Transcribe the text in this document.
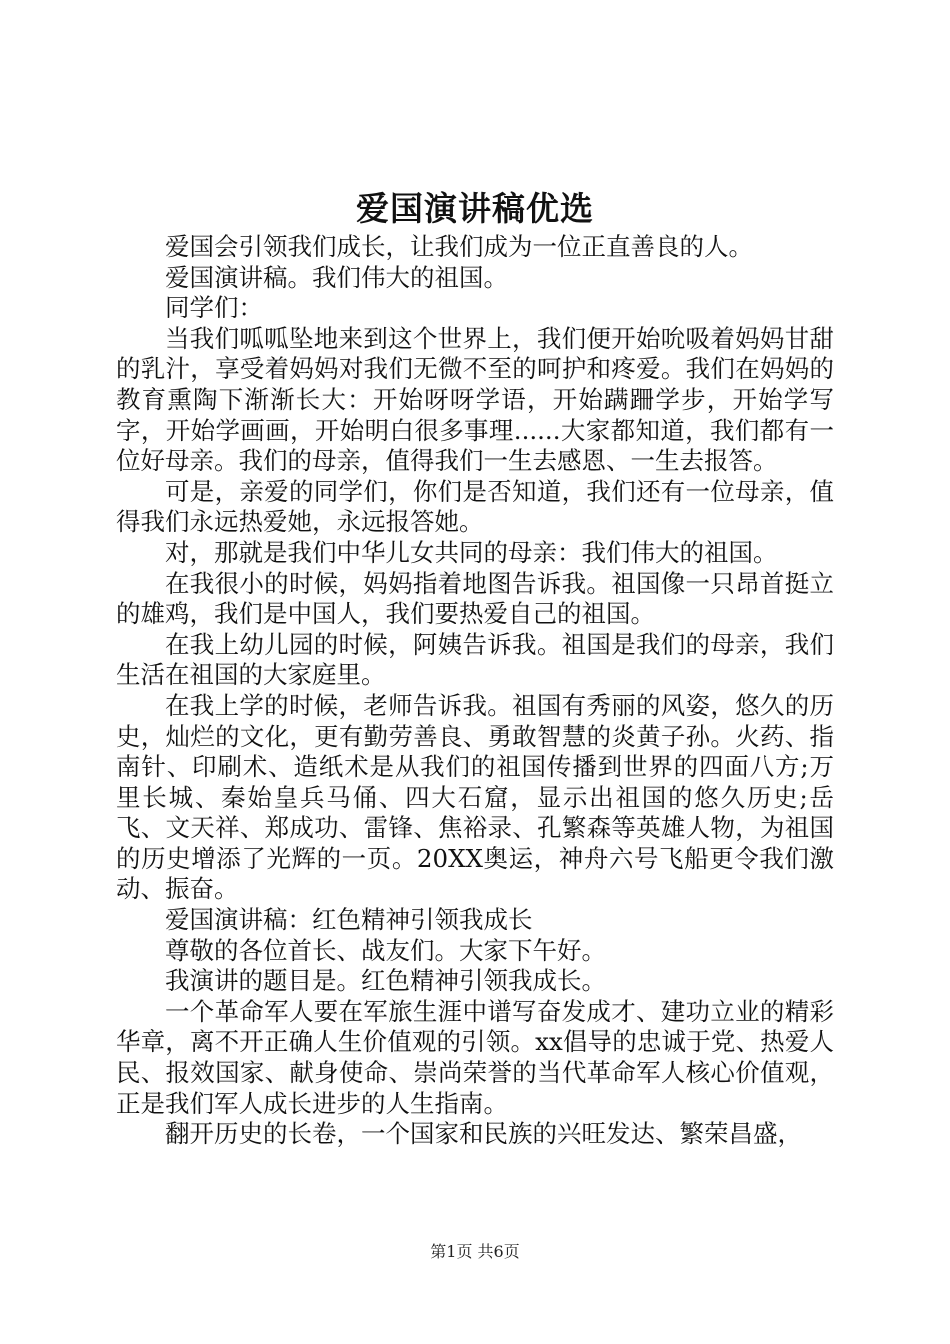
爱国演讲稿优选

爱国会引领我们成长，让我们成为一位正直善良的人。

爱国演讲稿。我们伟大的祖国。

同学们：

当我们呱呱坠地来到这个世界上，我们便开始吮吸着妈妈甘甜的乳汁，享受着妈妈对我们无微不至的呵护和疼爱。我们在妈妈的教育熏陶下渐渐长大：开始呀呀学语，开始蹒跚学步，开始学写字，开始学画画，开始明白很多事理......大家都知道，我们都有一位好母亲。我们的母亲，值得我们一生去感恩、一生去报答。

可是，亲爱的同学们，你们是否知道，我们还有一位母亲，值得我们永远热爱她，永远报答她。

对，那就是我们中华儿女共同的母亲：我们伟大的祖国。

在我很小的时候，妈妈指着地图告诉我。祖国像一只昂首挺立的雄鸡，我们是中国人，我们要热爱自己的祖国。

在我上幼儿园的时候，阿姨告诉我。祖国是我们的母亲，我们生活在祖国的大家庭里。

在我上学的时候，老师告诉我。祖国有秀丽的风姿，悠久的历史，灿烂的文化，更有勤劳善良、勇敢智慧的炎黄子孙。火药、指南针、印刷术、造纸术是从我们的祖国传播到世界的四面八方;万里长城、秦始皇兵马俑、四大石窟，显示出祖国的悠久历史;岳飞、文天祥、郑成功、雷锋、焦裕录、孔繁森等英雄人物，为祖国的历史增添了光辉的一页。20XX奥运，神舟六号飞船更令我们激动、振奋。

爱国演讲稿：红色精神引领我成长

尊敬的各位首长、战友们。大家下午好。

我演讲的题目是。红色精神引领我成长。

一个革命军人要在军旅生涯中谱写奋发成才、建功立业的精彩华章，离不开正确人生价值观的引领。xx倡导的忠诚于党、热爱人民、报效国家、献身使命、崇尚荣誉的当代革命军人核心价值观，正是我们军人成长进步的人生指南。

翻开历史的长卷，一个国家和民族的兴旺发达、繁荣昌盛，

第1页 共6页
